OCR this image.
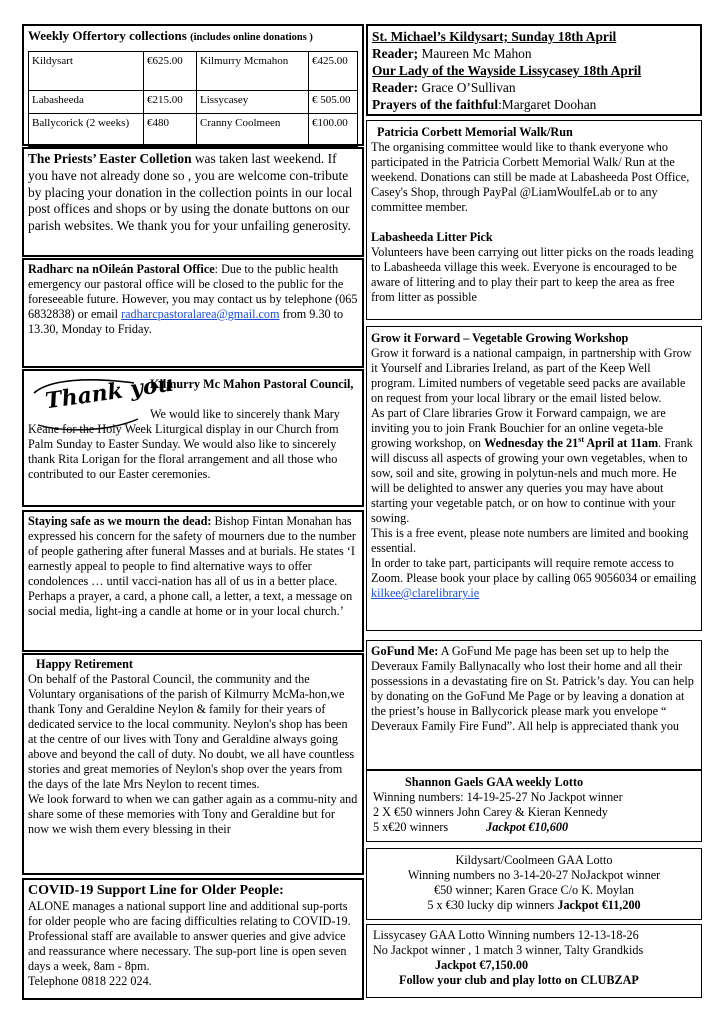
Weekly Offertory collections (includes online donations )

Kildysart	€625.00	Kilmurry Mcmahon	€425.00
Labasheeda	€215.00	Lissycasey	€ 505.00
Ballycorick (2 weeks)	€480	Cranny Coolmeen	€100.00

The Priests’ Easter Colletion was taken last weekend. If you have not already done so , you are welcome con-tribute by placing your donation in the collection points in our local post offices and shops or by using the donate buttons on our parish websites. We thank you for your unfailing generosity.

Radharc na nOileán Pastoral Office: Due to the public health emergency our pastoral office will be closed to the public for the foreseeable future. However, you may contact us by telephone (065 6832838) or email radharcpastoralarea@gmail.com from 9.30 to 13.30, Monday to Friday.

Thank you

Kilmurry Mc Mahon Pastoral Council,

We would like to sincerely thank Mary Keane for the Holy Week Liturgical display in our Church from Palm Sunday to Easter Sunday. We would also like to sincerely thank Rita Lorigan for the floral arrangement and all those who contributed to our Easter ceremonies.

Staying safe as we mourn the dead: Bishop Fintan Monahan has expressed his concern for the safety of mourners due to the number of people gathering after funeral Masses and at burials. He states ‘I earnestly appeal to people to find alternative ways to offer condolences … until vacci-nation has all of us in a better place. Perhaps a prayer, a card, a phone call, a letter, a text, a message on social media, light-ing a candle at home or in your local church.’

Happy Retirement

On behalf of the Pastoral Council, the community and the Voluntary organisations of the parish of Kilmurry McMa-hon,we thank Tony and Geraldine Neylon & family for their years of dedicated service to the local community. Neylon's shop has been at the centre of our lives with Tony and Geraldine always going above and beyond the call of duty. No doubt, we all have countless stories and great memories of Neylon's shop over the years from the days of the late Mrs Neylon to recent times.

We look forward to when we can gather again as a commu-nity and share some of these memories with Tony and Geraldine but for now we wish them every blessing in their

COVID-19 Support Line for Older People:

ALONE manages a national support line and additional sup-ports for older people who are facing difficulties relating to COVID-19. Professional staff are available to answer queries and give advice and reassurance where necessary. The sup-port line is open seven days a week, 8am - 8pm.

Telephone 0818 222 024.

St. Michael’s Kildysart; Sunday 18th April

Reader; Maureen Mc Mahon

Our Lady of the Wayside Lissycasey 18th April

Reader: Grace O’Sullivan

Prayers of the faithful:Margaret Doohan

Patricia Corbett Memorial Walk/Run

The organising committee would like to thank everyone who participated in the Patricia Corbett Memorial Walk/ Run at the weekend. Donations can still be made at Labasheeda Post Office, Casey's Shop, through PayPal @LiamWoulfeLab or to any committee member.

Labasheeda Litter Pick

Volunteers have been carrying out litter picks on the roads leading to Labasheeda village this week. Everyone is encouraged to be aware of littering and to play their part to keep the area as free from litter as possible

Grow it Forward – Vegetable Growing Workshop

Grow it forward is a national campaign, in partnership with Grow it Yourself and Libraries Ireland, as part of the Keep Well program. Limited numbers of vegetable seed packs are available on request from your local library or the email listed below.

As part of Clare libraries Grow it Forward campaign, we are inviting you to join Frank Bouchier for an online vegeta-ble growing workshop, on Wednesday the 21st April at 11am. Frank will discuss all aspects of growing your own vegetables, when to sow, soil and site, growing in polytun-nels and much more. He will be delighted to answer any queries you may have about starting your vegetable patch, or on how to continue with your sowing.

This is a free event, please note numbers are limited and booking essential.

In order to take part, participants will require remote access to Zoom. Please book your place by calling 065 9056034 or emailing kilkee@clarelibrary.ie

GoFund Me: A GoFund Me page has been set up to help the Deveraux Family Ballynacally who lost their home and all their possessions in a devastating fire on St. Patrick’s day. You can help by donating on the GoFund Me Page or by leaving a donation at the priest’s house in Ballycorick please mark you envelope “ Deveraux Family Fire Fund”. All help is appreciated thank you

Shannon Gaels GAA weekly Lotto

Winning numbers: 14-19-25-27 No Jackpot winner

2 X €50 winners John Carey & Kieran Kennedy

5 x€20 winners	Jackpot €10,600

Kildysart/Coolmeen GAA Lotto

Winning numbers no 3-14-20-27 NoJackpot winner

€50 winner; Karen Grace C/o K. Moylan

5 x €30 lucky dip winners Jackpot €11,200

Lissycasey GAA Lotto Winning numbers 12-13-18-26

No Jackpot winner , 1 match 3 winner, Talty Grandkids

Jackpot €7,150.00

Follow your club and play lotto on CLUBZAP
